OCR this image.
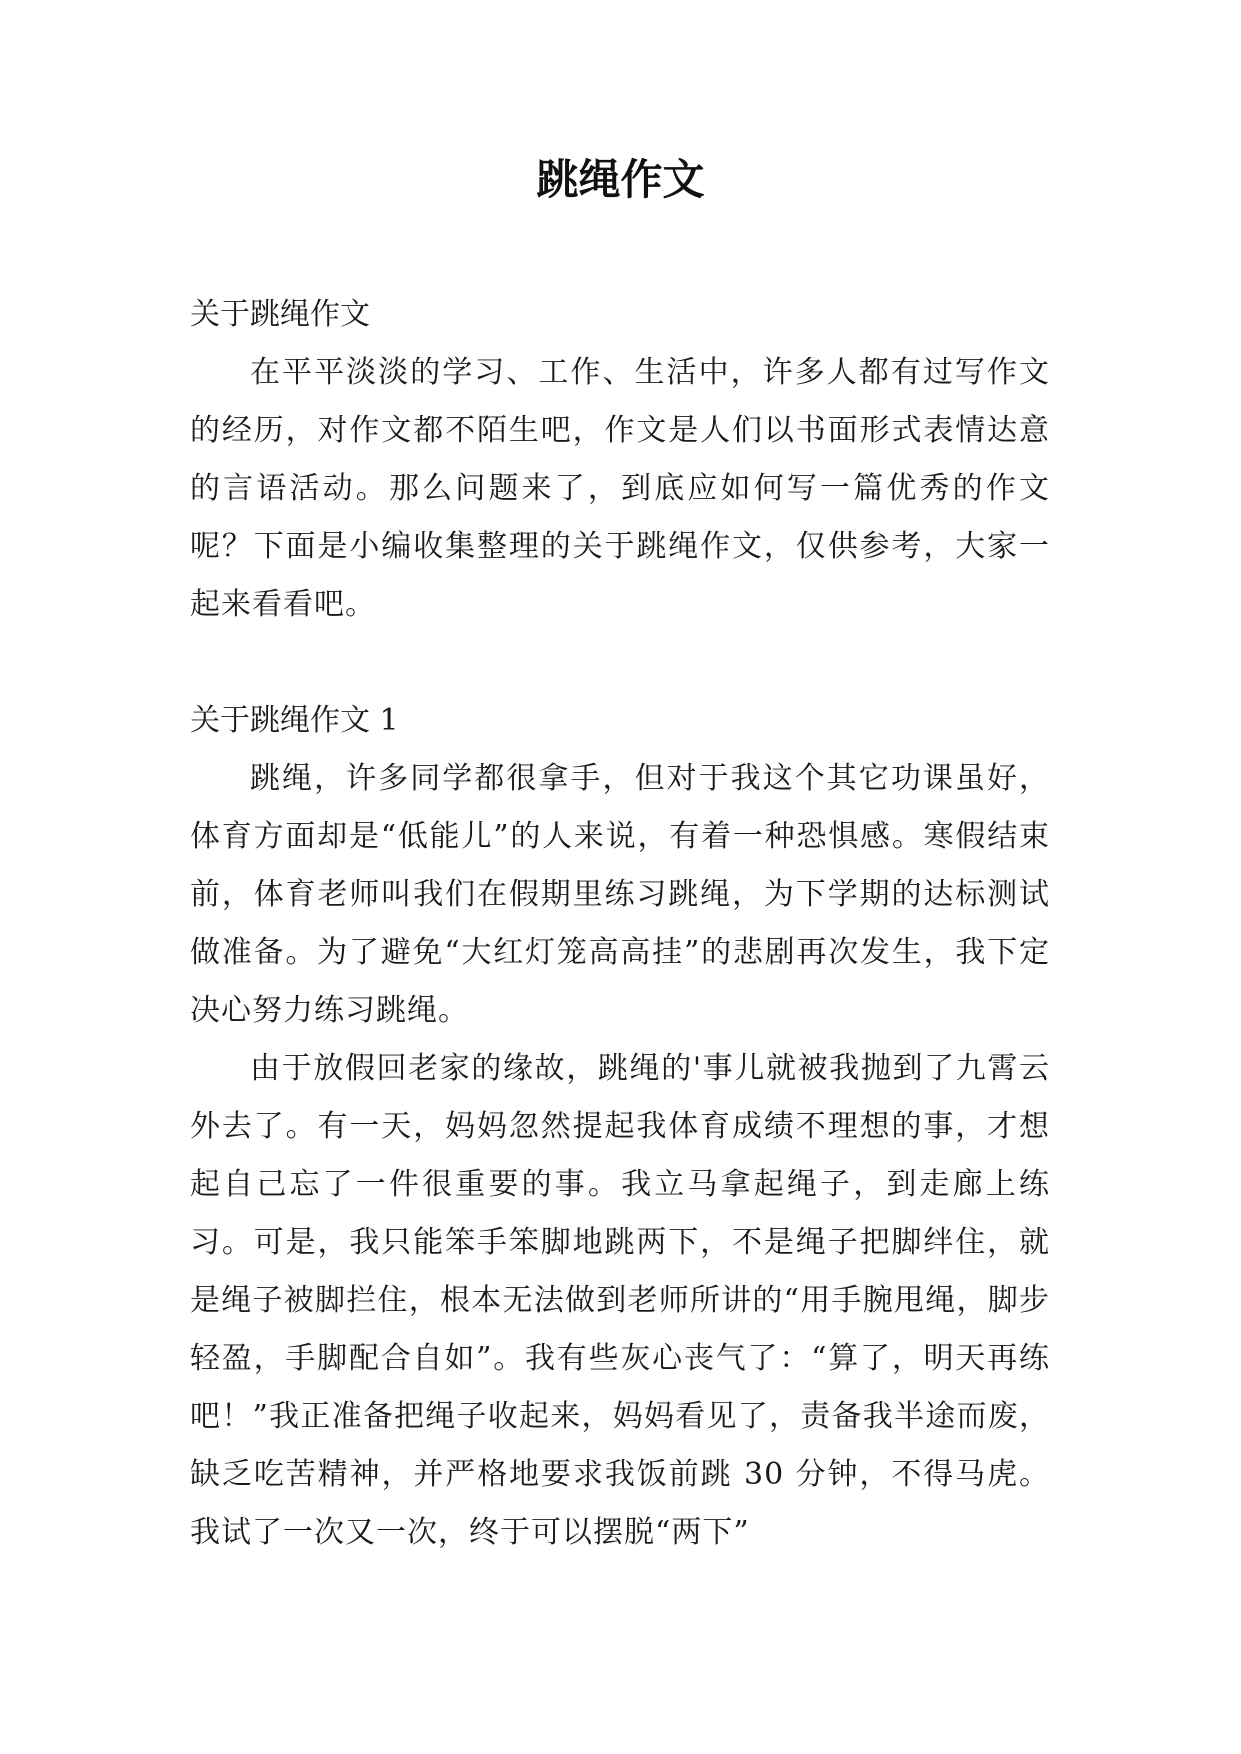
跳绳作文

关于跳绳作文

在平平淡淡的学习、工作、生活中，许多人都有过写作文的经历，对作文都不陌生吧，作文是人们以书面形式表情达意的言语活动。那么问题来了，到底应如何写一篇优秀的作文呢？下面是小编收集整理的关于跳绳作文，仅供参考，大家一起来看看吧。

关于跳绳作文 1

跳绳，许多同学都很拿手，但对于我这个其它功课虽好，体育方面却是“低能儿”的人来说，有着一种恐惧感。寒假结束前，体育老师叫我们在假期里练习跳绳，为下学期的达标测试做准备。为了避免“大红灯笼高高挂”的悲剧再次发生，我下定决心努力练习跳绳。

由于放假回老家的缘故，跳绳的'事儿就被我抛到了九霄云外去了。有一天，妈妈忽然提起我体育成绩不理想的事，才想起自己忘了一件很重要的事。我立马拿起绳子，到走廊上练习。可是，我只能笨手笨脚地跳两下，不是绳子把脚绊住，就是绳子被脚拦住，根本无法做到老师所讲的“用手腕甩绳，脚步轻盈，手脚配合自如”。我有些灰心丧气了：“算了，明天再练吧！”我正准备把绳子收起来，妈妈看见了，责备我半途而废，缺乏吃苦精神，并严格地要求我饭前跳 30 分钟，不得马虎。我试了一次又一次，终于可以摆脱“两下”
